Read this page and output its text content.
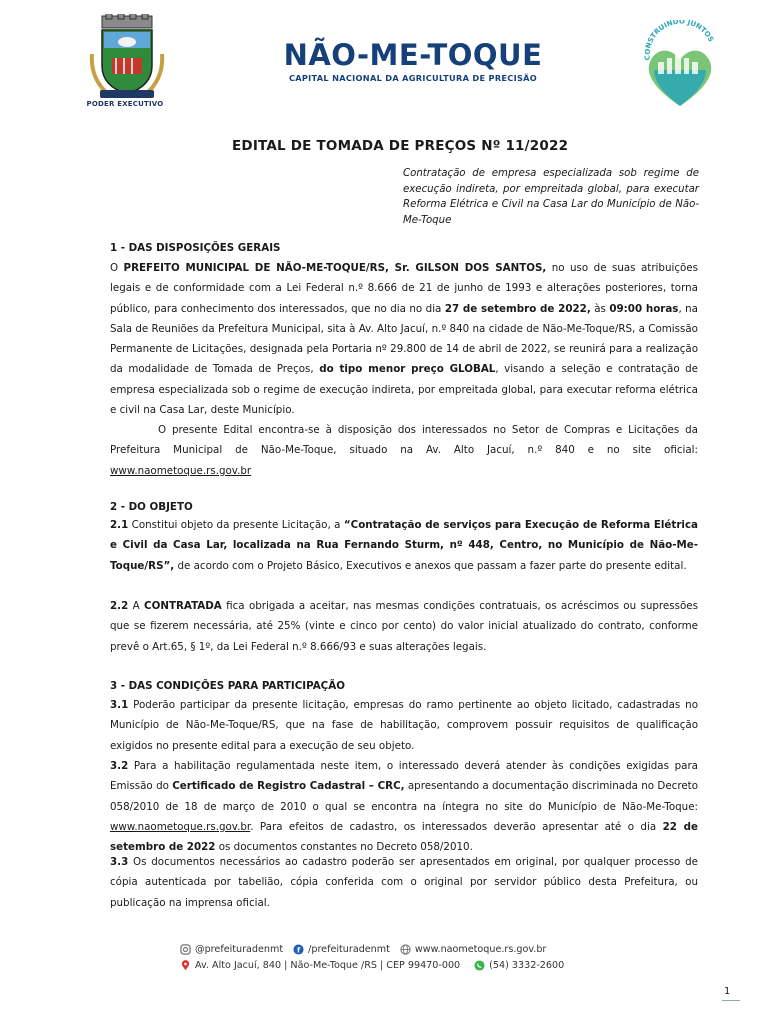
PODER EXECUTIVO
NÃO-ME-TOQUE
CAPITAL NACIONAL DA AGRICULTURA DE PRECISÃO
CONSTRUINDO JUNTOS
EDITAL DE TOMADA DE PREÇOS Nº 11/2022
Contratação de empresa especializada sob regime de execução indireta, por empreitada global, para executar Reforma Elétrica e Civil na Casa Lar do Município de Não-Me-Toque
1 - DAS DISPOSIÇÕES GERAIS
O PREFEITO MUNICIPAL DE NÃO-ME-TOQUE/RS, Sr. GILSON DOS SANTOS, no uso de suas atribuições legais e de conformidade com a Lei Federal n.º 8.666 de 21 de junho de 1993 e alterações posteriores, torna público, para conhecimento dos interessados, que no dia no dia 27 de setembro de 2022, às 09:00 horas, na Sala de Reuniões da Prefeitura Municipal, sita à Av. Alto Jacuí, n.º 840 na cidade de Não-Me-Toque/RS, a Comissão Permanente de Licitações, designada pela Portaria nº 29.800 de 14 de abril de 2022, se reunirá para a realização da modalidade de Tomada de Preços, do tipo menor preço GLOBAL, visando a seleção e contratação de empresa especializada sob o regime de execução indireta, por empreitada global, para executar reforma elétrica e civil na Casa Lar, deste Município.
O presente Edital encontra-se à disposição dos interessados no Setor de Compras e Licitações da Prefeitura Municipal de Não-Me-Toque, situado na Av. Alto Jacuí, n.º 840 e no site oficial: www.naometoque.rs.gov.br
2 - DO OBJETO
2.1 Constitui objeto da presente Licitação, a “Contratação de serviços para Execução de Reforma Elétrica e Civil da Casa Lar, localizada na Rua Fernando Sturm, nº 448, Centro, no Município de Não-Me-Toque/RS”, de acordo com o Projeto Básico, Executivos e anexos que passam a fazer parte do presente edital.
2.2 A CONTRATADA fica obrigada a aceitar, nas mesmas condições contratuais, os acréscimos ou supressões que se fizerem necessária, até 25% (vinte e cinco por cento) do valor inicial atualizado do contrato, conforme prevê o Art.65, § 1º, da Lei Federal n.º 8.666/93 e suas alterações legais.
3 - DAS CONDIÇÕES PARA PARTICIPAÇÃO
3.1 Poderão participar da presente licitação, empresas do ramo pertinente ao objeto licitado, cadastradas no Município de Não-Me-Toque/RS, que na fase de habilitação, comprovem possuir requisitos de qualificação exigidos no presente edital para a execução de seu objeto.
3.2 Para a habilitação regulamentada neste item, o interessado deverá atender às condições exigidas para Emissão do Certificado de Registro Cadastral – CRC, apresentando a documentação discriminada no Decreto 058/2010 de 18 de março de 2010 o qual se encontra na íntegra no site do Município de Não-Me-Toque: www.naometoque.rs.gov.br. Para efeitos de cadastro, os interessados deverão apresentar até o dia 22 de setembro de 2022 os documentos constantes no Decreto 058/2010.
3.3 Os documentos necessários ao cadastro poderão ser apresentados em original, por qualquer processo de cópia autenticada por tabelião, cópia conferida com o original por servidor público desta Prefeitura, ou publicação na imprensa oficial.
@prefeituradenmt f /prefeituradenmt	www.naometoque.rs.gov.br
Av. Alto Jacuí, 840 | Não-Me-Toque /RS | CEP 99470-000	(54) 3332-2600
1
